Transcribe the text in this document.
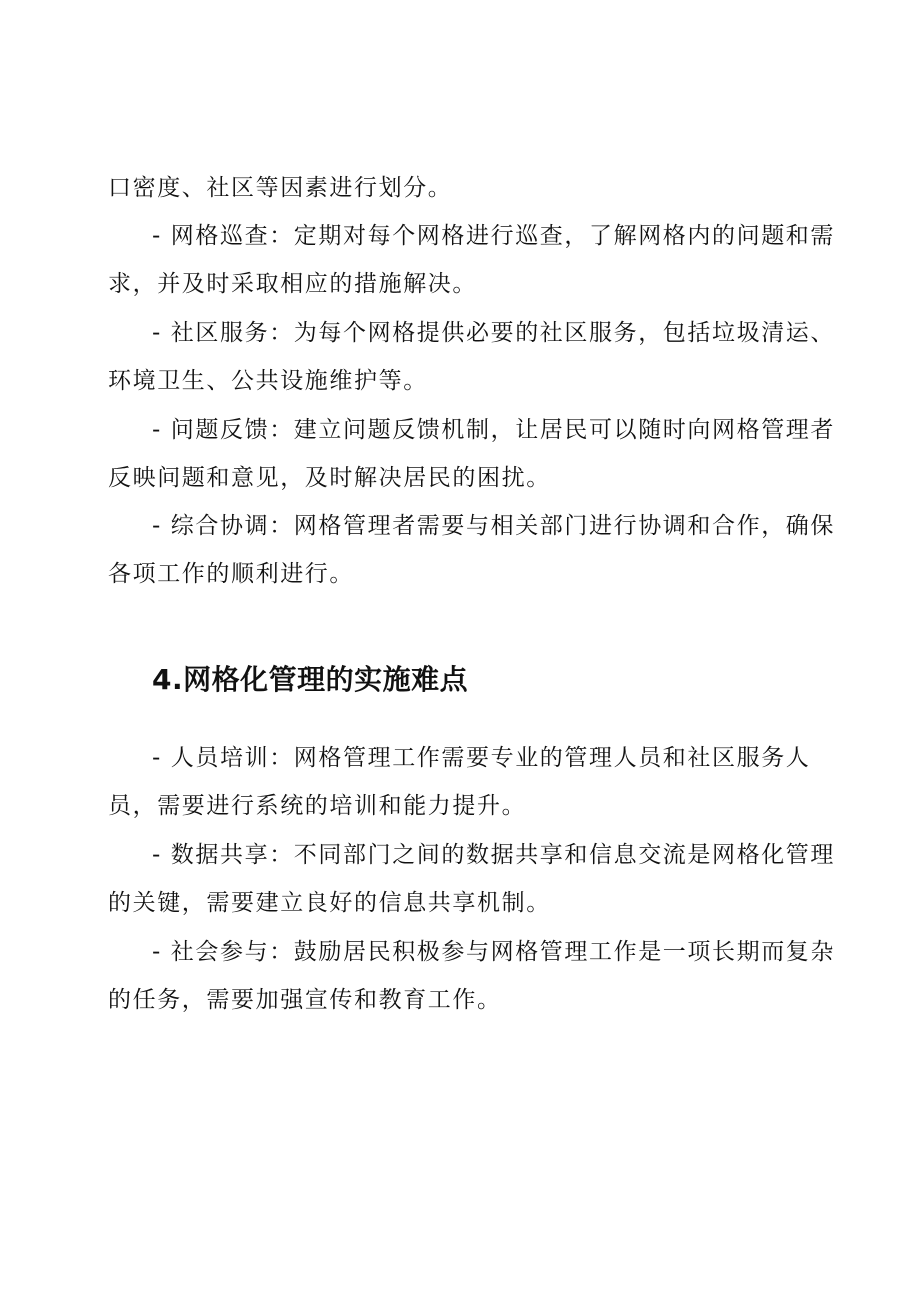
口密度、社区等因素进行划分。
- 网格巡查：定期对每个网格进行巡查，了解网格内的问题和需
求，并及时采取相应的措施解决。
- 社区服务：为每个网格提供必要的社区服务，包括垃圾清运、
环境卫生、公共设施维护等。
- 问题反馈：建立问题反馈机制，让居民可以随时向网格管理者
反映问题和意见，及时解决居民的困扰。
- 综合协调：网格管理者需要与相关部门进行协调和合作，确保
各项工作的顺利进行。
4.网格化管理的实施难点
- 人员培训：网格管理工作需要专业的管理人员和社区服务人
员，需要进行系统的培训和能力提升。
- 数据共享：不同部门之间的数据共享和信息交流是网格化管理
的关键，需要建立良好的信息共享机制。
- 社会参与：鼓励居民积极参与网格管理工作是一项长期而复杂
的任务，需要加强宣传和教育工作。
